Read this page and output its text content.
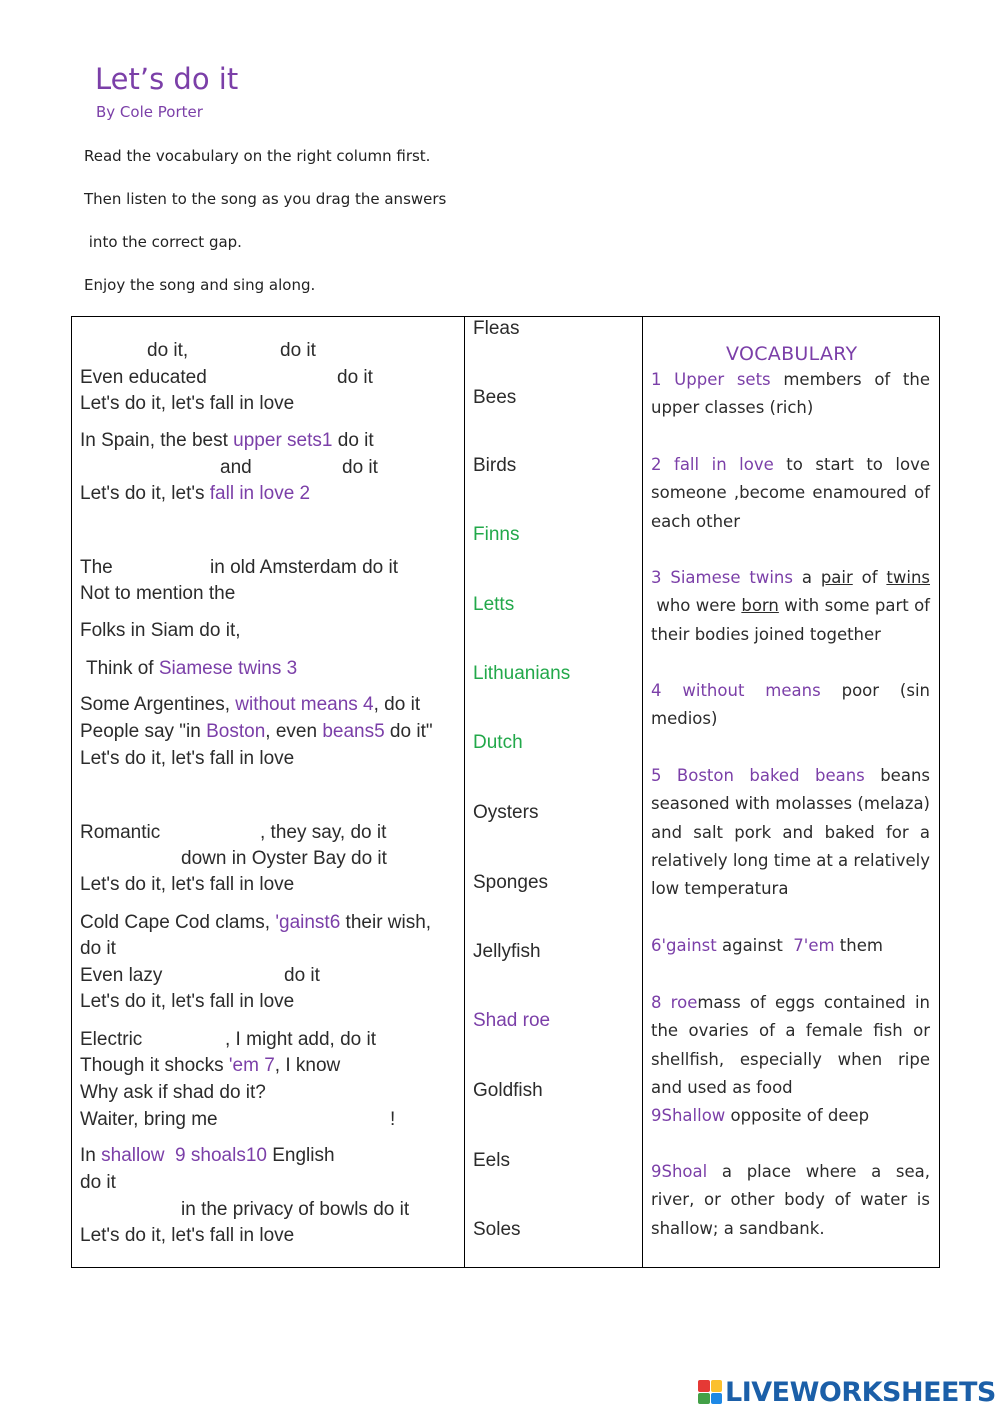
Let’s do it
By Cole Porter
Read the vocabulary on the right column first.
Then listen to the song as you drag the answers
into the correct gap.
Enjoy the song and sing along.
do it,	do it
Even educated	do it
Let's do it, let's fall in love
In Spain, the best upper sets1 do it
and	do it
Let's do it, let's fall in love 2
The	in old Amsterdam do it
Not to mention the
Folks in Siam do it,
Think of Siamese twins 3
Some Argentines, without means 4, do it
People say "in Boston, even beans5 do it"
Let's do it, let's fall in love
Romantic	, they say, do it
down in Oyster Bay do it
Let's do it, let's fall in love
Cold Cape Cod clams, 'gainst6 their wish,
do it
Even lazy	do it
Let's do it, let's fall in love
Electric	, I might add, do it
Though it shocks 'em 7, I know
Why ask if shad do it?
Waiter, bring me	!
In shallow  9 shoals10 English
do it
in the privacy of bowls do it
Let's do it, let's fall in love
Fleas
Bees
Birds
Finns
Letts
Lithuanians
Dutch
Oysters
Sponges
Jellyfish
Shad roe
Goldfish
Eels
Soles
VOCABULARY
1 Upper sets members of the upper classes (rich)
2 fall in love to start to love someone ,become enamoured of each other
3 Siamese twins a pair of twins who were born with some part of their bodies joined together
4 without means poor (sin medios)
5 Boston baked beans beans seasoned with molasses (melaza) and salt pork and baked for a relatively long time at a relatively low temperatura
6'gainst against  7'em them
8 roemass of eggs contained in the ovaries of a female fish or shellfish, especially when ripe and used as food
9Shallow opposite of deep
9Shoal a place where a sea, river, or other body of water is shallow; a sandbank.
LIVEWORKSHEETS
